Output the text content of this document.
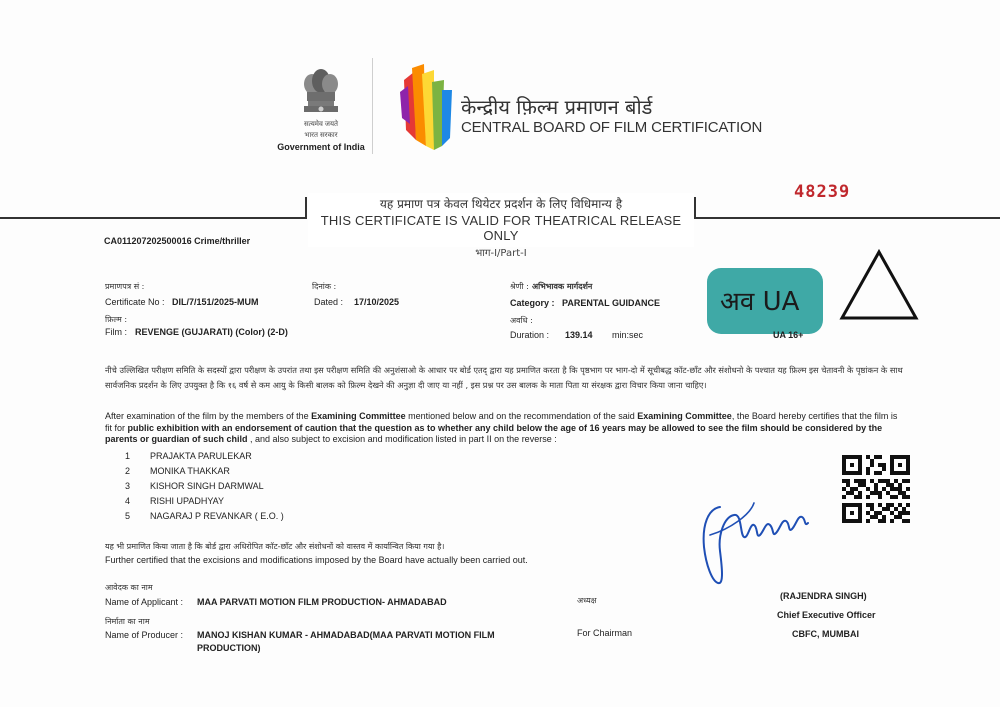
सत्यमेव जयते
भारत सरकार
Government of India
केन्द्रीय फ़िल्म प्रमाणन बोर्ड
CENTRAL BOARD OF FILM CERTIFICATION
48239
यह प्रमाण पत्र केवल थियेटर प्रदर्शन के लिए विधिमान्य है
THIS CERTIFICATE IS VALID FOR THEATRICAL RELEASE ONLY
भाग-I/Part-I
CA011207202500016 Crime/thriller
प्रमाणपत्र सं :
Certificate No : DIL/7/151/2025-MUM
दिनांक :
Dated : 17/10/2025
फ़िल्म :
Film : REVENGE (GUJARATI) (Color) (2-D)
श्रेणी : अभिभावक मार्गदर्शन
Category : PARENTAL GUIDANCE
अवधि :
Duration : 139.14 min:sec
अव UA
UA 16+
नीचे उल्लिखित परीक्षण समिति के सदस्यों द्वारा परीक्षण के उपरांत तथा इस परीक्षण समिति की अनुशंसाओ के आधार पर बोर्ड एतद् द्वारा यह प्रमाणित करता है कि पृष्ठभाग पर भाग-दो में सूचीबद्ध कॉट-छाँट और संशोधनो के पश्चात यह फ़िल्म इस चेतावनी के पृष्ठांकन के साथ सार्वजनिक प्रदर्शन के लिए उपयुक्त है कि १६ वर्ष से कम आयु के किसी बालक को फ़िल्म देखने की अनुज्ञा दी जाए या नहीं , इस प्रश्न पर उस बालक के माता पिता या संरक्षक द्वारा विचार किया जाना चाहिए।
After examination of the film by the members of the Examining Committee mentioned below and on the recommendation of the said Examining Committee, the Board hereby certifies that the film is fit for public exhibition with an endorsement of caution that the question as to whether any child below the age of 16 years may be allowed to see the film should be considered by the parents or guardian of such child , and also subject to excision and modification listed in part II on the reverse :
1 PRAJAKTA PARULEKAR
2 MONIKA THAKKAR
3 KISHOR SINGH DARMWAL
4 RISHI UPADHYAY
5 NAGARAJ P REVANKAR ( E.O. )
यह भी प्रमाणित किया जाता है कि बोर्ड द्वारा अधिरोपित कॉट-छाँट और संशोधनों को वास्तव में कार्यान्वित किया गया है।
Further certified that the excisions and modifications imposed by the Board have actually been carried out.
आवेदक का नाम
Name of Applicant : MAA PARVATI MOTION FILM PRODUCTION- AHMADABAD
निर्माता का नाम
Name of Producer : MANOJ KISHAN KUMAR - AHMADABAD(MAA PARVATI MOTION FILM
PRODUCTION)
अध्यक्ष
For Chairman
(RAJENDRA SINGH)
Chief Executive Officer
CBFC, MUMBAI
